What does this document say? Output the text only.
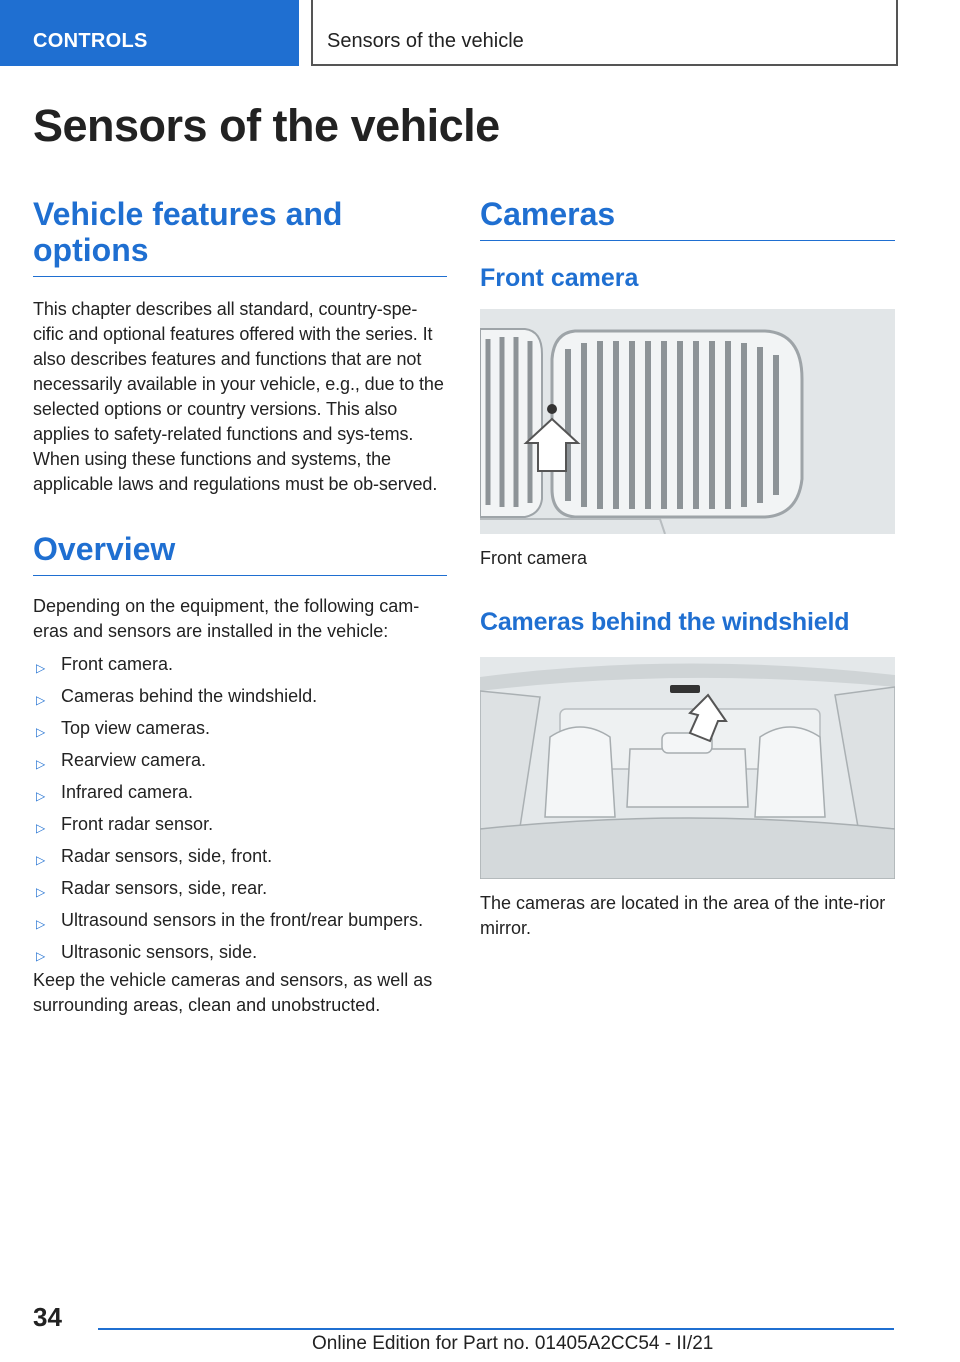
CONTROLS	Sensors of the vehicle
Sensors of the vehicle
Vehicle features and options

This chapter describes all standard, country-spe-cific and optional features offered with the series. It also describes features and functions that are not necessarily available in your vehicle, e.g., due to the selected options or country versions. This also applies to safety-related functions and sys-tems. When using these functions and systems, the applicable laws and regulations must be ob-served.

Overview

Depending on the equipment, the following cam-eras and sensors are installed in the vehicle:

▷ Front camera.
▷ Cameras behind the windshield.
▷ Top view cameras.
▷ Rearview camera.
▷ Infrared camera.
▷ Front radar sensor.
▷ Radar sensors, side, front.
▷ Radar sensors, side, rear.
▷ Ultrasound sensors in the front/rear bumpers.
▷ Ultrasonic sensors, side.

Keep the vehicle cameras and sensors, as well as surrounding areas, clean and unobstructed.

Cameras
Front camera

Front camera

Cameras behind the windshield

The cameras are located in the area of the inte-rior mirror.

34
Online Edition for Part no. 01405A2CC54 - II/21
